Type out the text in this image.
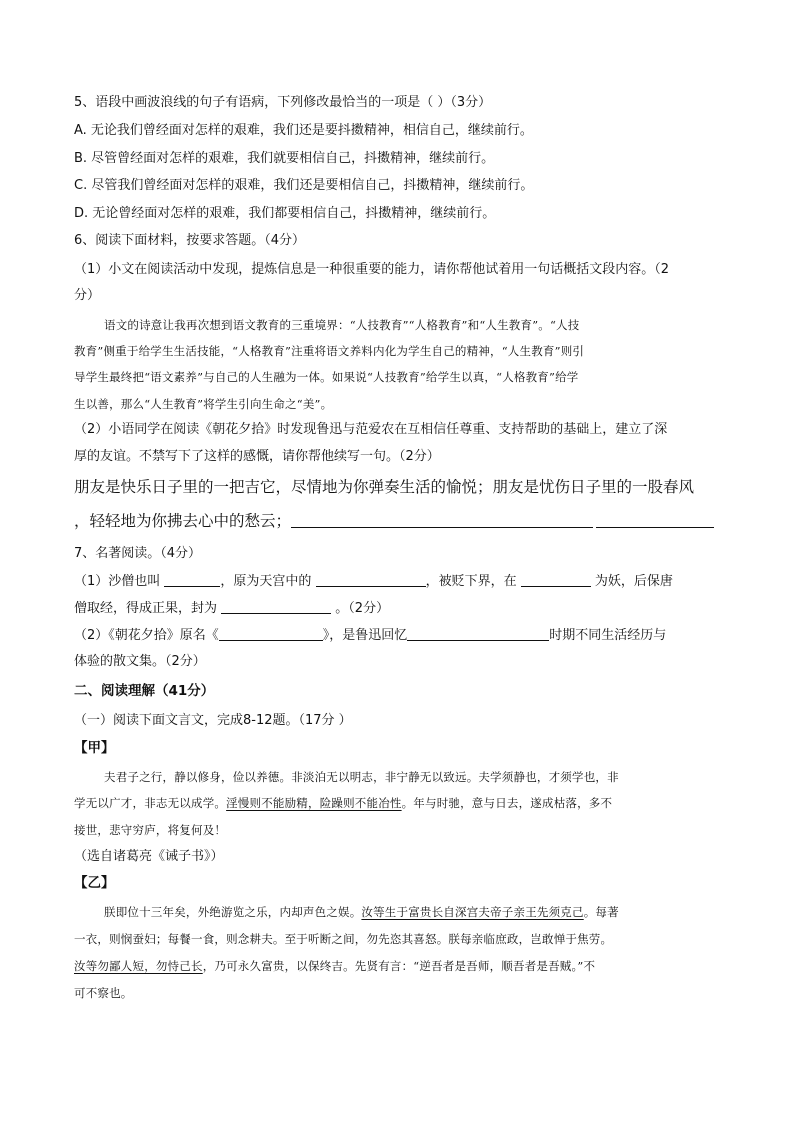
5、语段中画波浪线的句子有语病，下列修改最恰当的一项是（ ）（3分）
A. 无论我们曾经面对怎样的艰难，我们还是要抖擞精神，相信自己，继续前行。
B. 尽管曾经面对怎样的艰难，我们就要相信自己，抖擞精神，继续前行。
C. 尽管我们曾经面对怎样的艰难，我们还是要相信自己，抖擞精神，继续前行。
D. 无论曾经面对怎样的艰难，我们都要相信自己，抖擞精神，继续前行。
6、阅读下面材料，按要求答题。（4分）
（1）小文在阅读活动中发现，提炼信息是一种很重要的能力，请你帮他试着用一句话概括文段内容。（2
分）
语文的诗意让我再次想到语文教育的三重境界：“人技教育”“人格教育”和“人生教育”。“人技
教育”侧重于给学生生活技能，“人格教育”注重将语文养料内化为学生自己的精神，“人生教育”则引
导学生最终把“语文素养”与自己的人生融为一体。如果说“人技教育”给学生以真，“人格教育”给学
生以善，那么“人生教育”将学生引向生命之“美”。
（2）小语同学在阅读《朝花夕拾》时发现鲁迅与范爱农在互相信任尊重、支持帮助的基础上，建立了深
厚的友谊。不禁写下了这样的感慨，请你帮他续写一句。（2分）
朋友是快乐日子里的一把吉它，尽情地为你弹奏生活的愉悦；朋友是忧伤日子里的一股春风
，轻轻地为你拂去心中的愁云；
7、名著阅读。（4分）
（1）沙僧也叫	，原为天宫中的	，被贬下界，在	为妖，后保唐
僧取经，得成正果，封为	。（2分）
（2）《朝花夕拾》原名《	》，是鲁迅回忆	时期不同生活经历与
体验的散文集。（2分）
二、阅读理解（41分）
（一）阅读下面文言文，完成8-12题。（17分 ）
【甲】
夫君子之行，静以修身，俭以养德。非淡泊无以明志，非宁静无以致远。夫学须静也，才须学也，非
学无以广才，非志无以成学。淫慢则不能励精，险躁则不能冶性。年与时驰，意与日去，遂成枯落，多不
接世，悲守穷庐，将复何及！
（选自诸葛亮《诫子书》）
【乙】
朕即位十三年矣，外绝游览之乐，内却声色之娱。汝等生于富贵长自深宫夫帝子亲王先须克己。每著
一衣，则悯蚕妇；每餐一食，则念耕夫。至于听断之间，勿先恣其喜怒。朕每亲临庶政，岂敢惮于焦劳。
汝等勿鄙人短，勿恃己长，乃可永久富贵，以保终吉。先贤有言：“逆吾者是吾师，顺吾者是吾贼。”不
可不察也。
